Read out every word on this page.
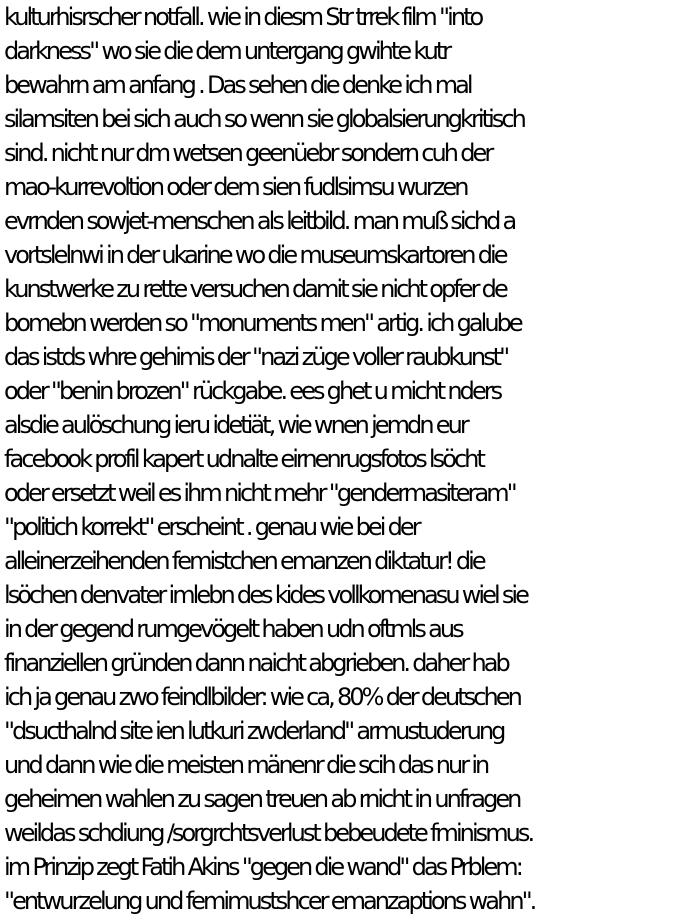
kulturhisrscher notfall. wie in diesm Str trrek film "into
darkness" wo sie die dem untergang gwihte kutr
bewahrn am anfang . Das sehen die denke ich mal
silamsiten bei sich auch so wenn sie globalsierungkritisch
sind. nicht nur dm wetsen geenüebr sondern cuh der
mao-kurrevoltion oder dem sien fudlsimsu wurzen
evrnden sowjet-menschen als leitbild. man muß sichd a
vortslelnwi in der ukarine wo die museumskartoren die
kunstwerke zu rette versuchen damit sie nicht opfer de
bomebn werden so "monuments men" artig. ich galube
das istds whre gehimis der "nazi züge voller raubkunst"
oder "benin brozen" rückgabe. ees ghet u micht nders
alsdie aulöschung ieru idetiät, wie wnen jemdn eur
facebook profil kapert udnalte eirnenrugsfotos lsöcht
oder ersetzt weil es ihm nicht mehr "gendermasiteram"
"politich korrekt" erscheint . genau wie bei der
alleinerzeihenden femistchen emanzen diktatur! die
lsöchen denvater imlebn des kides vollkomenasu wiel sie
in der gegend rumgevögelt haben udn oftmls aus
finanziellen gründen dann naicht abgrieben. daher hab
ich ja genau zwo feindlbilder: wie ca, 80% der deutschen
"dsucthalnd site ien lutkuri zwderland" armustuderung
und dann wie die meisten mänenr die scih das nur in
geheimen wahlen zu sagen treuen ab rnicht in unfragen
weildas schdiung /sorgrchtsverlust bebeudete fminismus.
im Prinzip zegt Fatih Akins "gegen die wand" das Prblem:
"entwurzelung und femimustshcer emanzaptions wahn".
